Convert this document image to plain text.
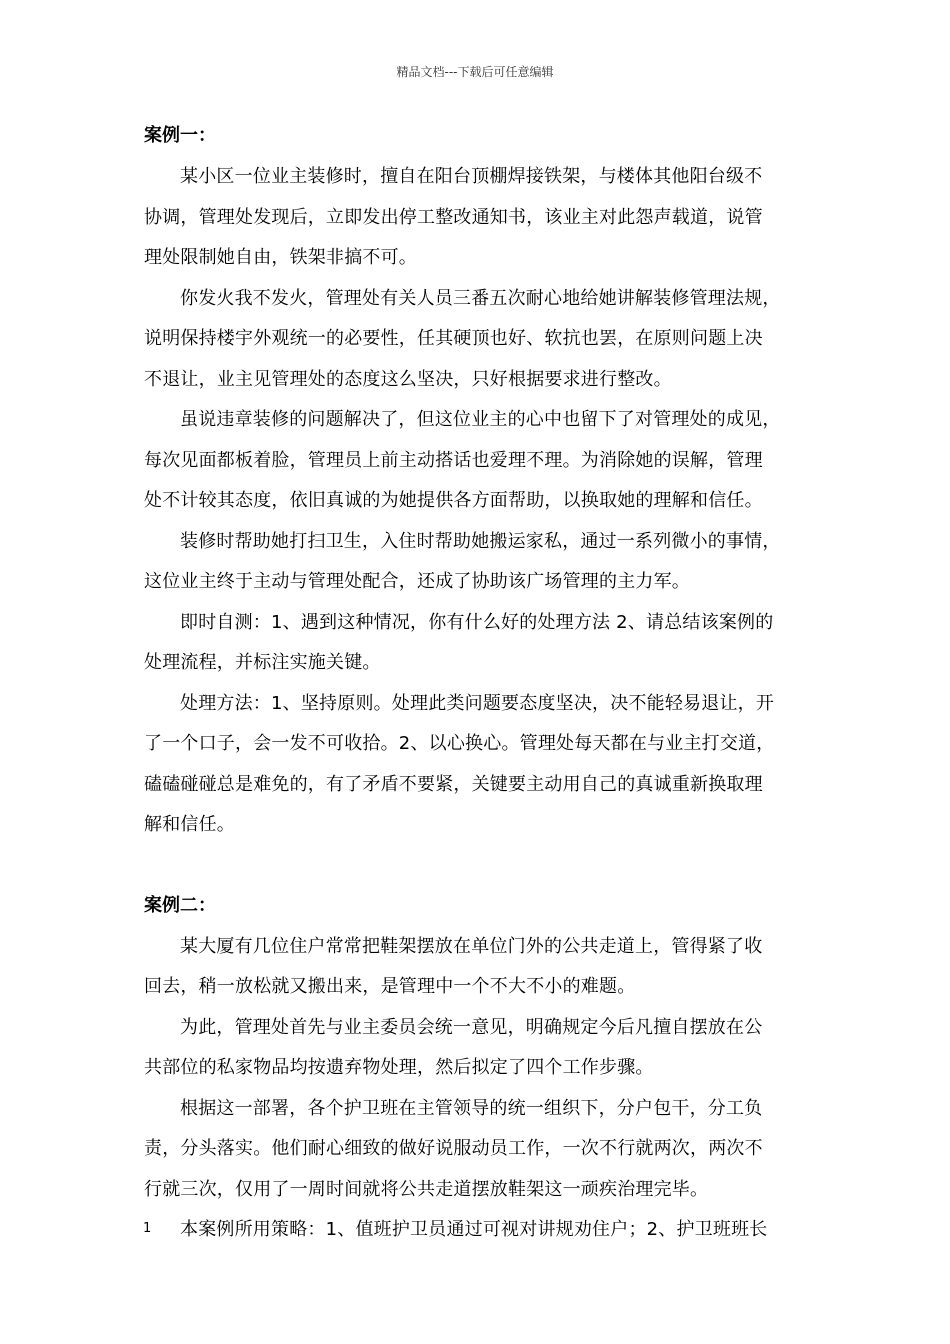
精品文档---下载后可任意编辑
案例一：

某小区一位业主装修时，擅自在阳台顶棚焊接铁架，与楼体其他阳台级不
协调，管理处发现后，立即发出停工整改通知书，该业主对此怨声载道，说管
理处限制她自由，铁架非搞不可。

你发火我不发火，管理处有关人员三番五次耐心地给她讲解装修管理法规，
说明保持楼宇外观统一的必要性，任其硬顶也好、软抗也罢，在原则问题上决
不退让，业主见管理处的态度这么坚决，只好根据要求进行整改。

虽说违章装修的问题解决了，但这位业主的心中也留下了对管理处的成见，
每次见面都板着脸，管理员上前主动搭话也爱理不理。为消除她的误解，管理
处不计较其态度，依旧真诚的为她提供各方面帮助，以换取她的理解和信任。

装修时帮助她打扫卫生，入住时帮助她搬运家私，通过一系列微小的事情，
这位业主终于主动与管理处配合，还成了协助该广场管理的主力军。

即时自测：1、遇到这种情况，你有什么好的处理方法 2、请总结该案例的
处理流程，并标注实施关键。

处理方法：1、坚持原则。处理此类问题要态度坚决，决不能轻易退让，开
了一个口子，会一发不可收拾。2、以心换心。管理处每天都在与业主打交道，
磕磕碰碰总是难免的，有了矛盾不要紧，关键要主动用自己的真诚重新换取理
解和信任。

案例二：

某大厦有几位住户常常把鞋架摆放在单位门外的公共走道上，管得紧了收
回去，稍一放松就又搬出来，是管理中一个不大不小的难题。

为此，管理处首先与业主委员会统一意见，明确规定今后凡擅自摆放在公
共部位的私家物品均按遗弃物处理，然后拟定了四个工作步骤。

根据这一部署，各个护卫班在主管领导的统一组织下，分户包干，分工负
责，分头落实。他们耐心细致的做好说服动员工作，一次不行就两次，两次不
行就三次，仅用了一周时间就将公共走道摆放鞋架这一顽疾治理完毕。

本案例所用策略：1、值班护卫员通过可视对讲规劝住户；2、护卫班班长

1
